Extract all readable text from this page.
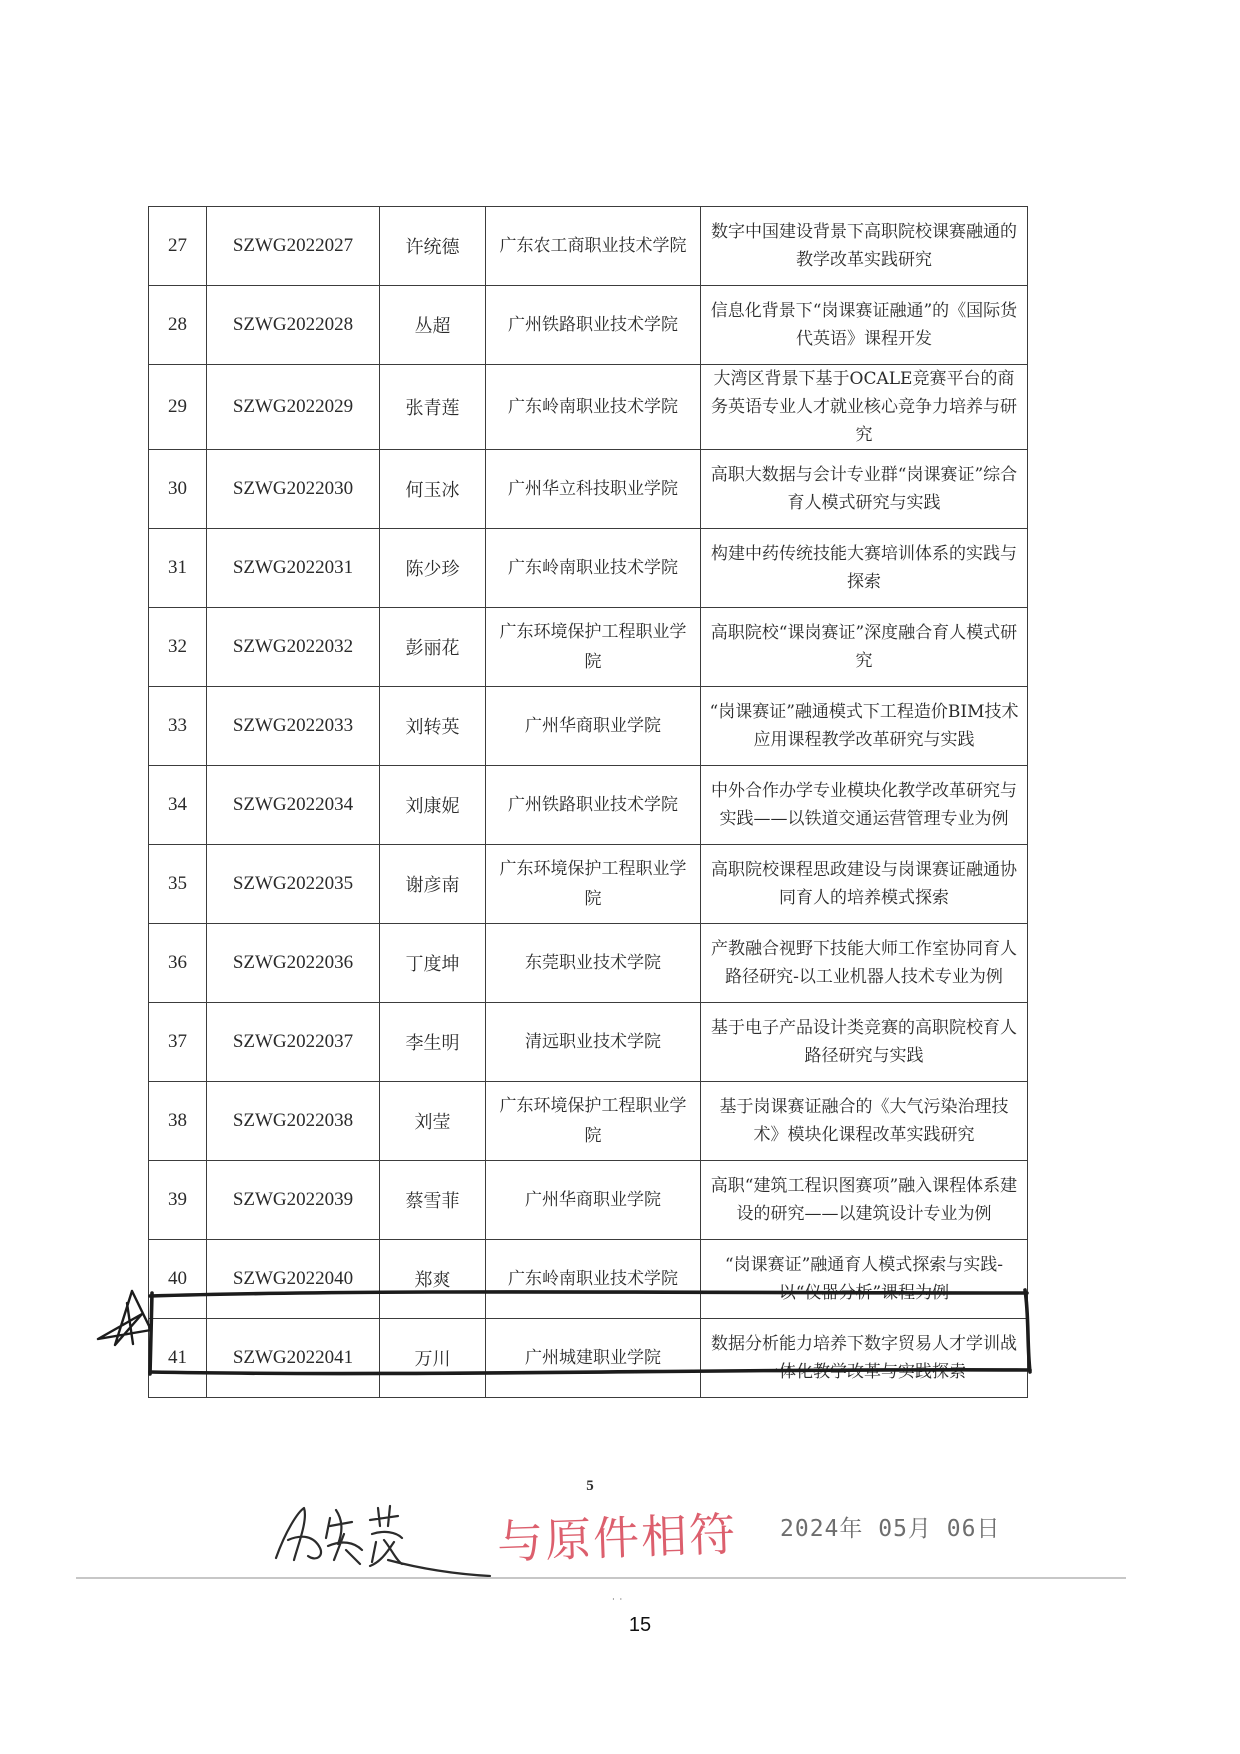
27	SZWG2022027	许统德	广东农工商职业技术学院	数字中国建设背景下高职院校课赛融通的教学改革实践研究
28	SZWG2022028	丛超	广州铁路职业技术学院	信息化背景下“岗课赛证融通”的《国际货代英语》课程开发
29	SZWG2022029	张青莲	广东岭南职业技术学院	大湾区背景下基于OCALE竞赛平台的商务英语专业人才就业核心竞争力培养与研究
30	SZWG2022030	何玉冰	广州华立科技职业学院	高职大数据与会计专业群“岗课赛证”综合育人模式研究与实践
31	SZWG2022031	陈少珍	广东岭南职业技术学院	构建中药传统技能大赛培训体系的实践与探索
32	SZWG2022032	彭丽花	广东环境保护工程职业学院	高职院校“课岗赛证”深度融合育人模式研究
33	SZWG2022033	刘转英	广州华商职业学院	“岗课赛证”融通模式下工程造价BIM技术应用课程教学改革研究与实践
34	SZWG2022034	刘康妮	广州铁路职业技术学院	中外合作办学专业模块化教学改革研究与实践——以铁道交通运营管理专业为例
35	SZWG2022035	谢彦南	广东环境保护工程职业学院	高职院校课程思政建设与岗课赛证融通协同育人的培养模式探索
36	SZWG2022036	丁度坤	东莞职业技术学院	产教融合视野下技能大师工作室协同育人路径研究-以工业机器人技术专业为例
37	SZWG2022037	李生明	清远职业技术学院	基于电子产品设计类竞赛的高职院校育人路径研究与实践
38	SZWG2022038	刘莹	广东环境保护工程职业学院	基于岗课赛证融合的《大气污染治理技术》模块化课程改革实践研究
39	SZWG2022039	蔡雪菲	广州华商职业学院	高职“建筑工程识图赛项”融入课程体系建设的研究——以建筑设计专业为例
40	SZWG2022040	郑爽	广东岭南职业技术学院	“岗课赛证”融通育人模式探索与实践-以“仪器分析”课程为例
41	SZWG2022041	万川	广州城建职业学院	数据分析能力培养下数字贸易人才学训战一体化教学改革与实践探索
5
与原件相符 2024年 05月 06日
˙ ˙
15
